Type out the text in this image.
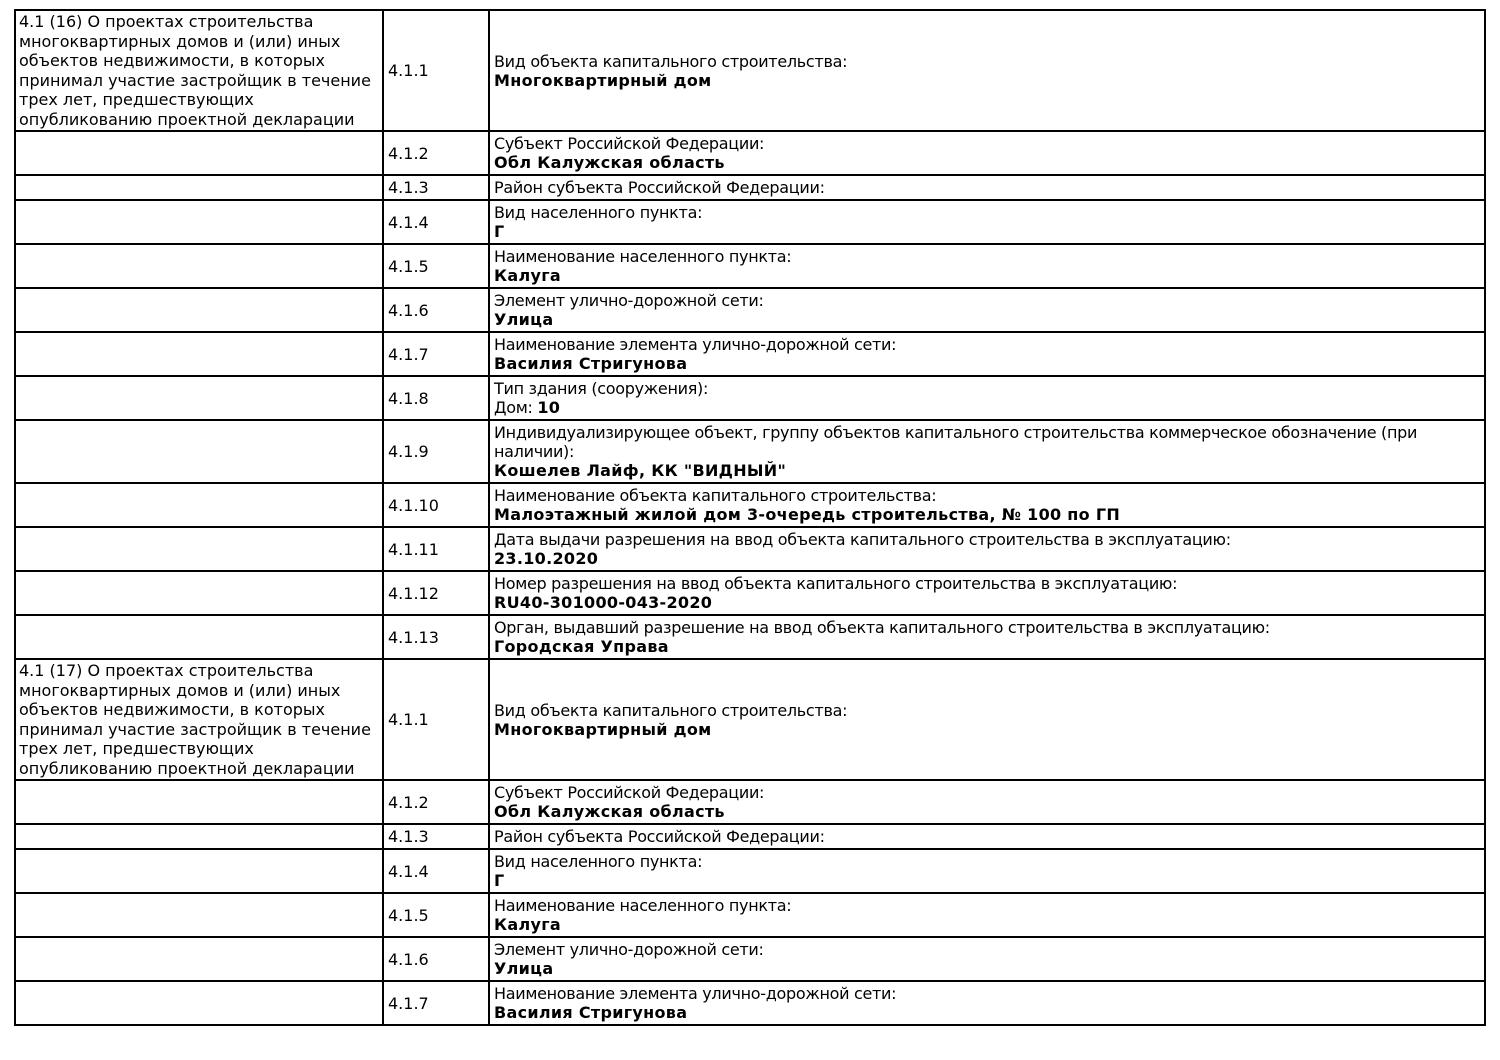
4.1 (16) О проектах строительства многоквартирных домов и (или) иных объектов недвижимости, в которых принимал участие застройщик в течение трех лет, предшествующих опубликованию проектной декларации	4.1.1	Вид объекта капитального строительства:
Многоквартирный дом

	4.1.2	Субъект Российской Федерации:
Обл Калужская область

	4.1.3	Район субъекта Российской Федерации:

	4.1.4	Вид населенного пункта:
Г

	4.1.5	Наименование населенного пункта:
Калуга

	4.1.6	Элемент улично-дорожной сети:
Улица

	4.1.7	Наименование элемента улично-дорожной сети:
Василия Стригунова

	4.1.8	Тип здания (сооружения):
Дом: 10

	4.1.9	Индивидуализирующее объект, группу объектов капитального строительства коммерческое обозначение (при наличии):
Кошелев Лайф, КК "ВИДНЫЙ"

	4.1.10	Наименование объекта капитального строительства:
Малоэтажный жилой дом 3-очередь строительства, № 100 по ГП

	4.1.11	Дата выдачи разрешения на ввод объекта капитального строительства в эксплуатацию:
23.10.2020

	4.1.12	Номер разрешения на ввод объекта капитального строительства в эксплуатацию:
RU40-301000-043-2020

	4.1.13	Орган, выдавший разрешение на ввод объекта капитального строительства в эксплуатацию:
Городская Управа

4.1 (17) О проектах строительства многоквартирных домов и (или) иных объектов недвижимости, в которых принимал участие застройщик в течение трех лет, предшествующих опубликованию проектной декларации	4.1.1	Вид объекта капитального строительства:
Многоквартирный дом

	4.1.2	Субъект Российской Федерации:
Обл Калужская область

	4.1.3	Район субъекта Российской Федерации:

	4.1.4	Вид населенного пункта:
Г

	4.1.5	Наименование населенного пункта:
Калуга

	4.1.6	Элемент улично-дорожной сети:
Улица

	4.1.7	Наименование элемента улично-дорожной сети:
Василия Стригунова
